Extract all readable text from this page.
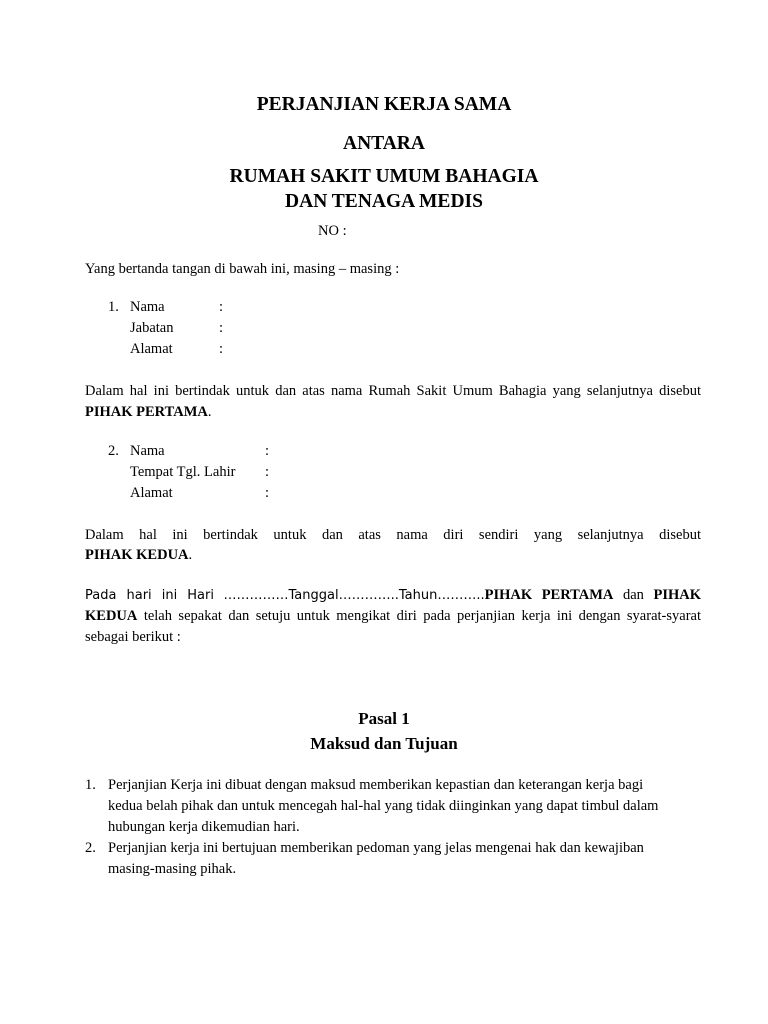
PERJANJIAN KERJA SAMA
ANTARA
RUMAH SAKIT UMUM BAHAGIA
DAN TENAGA MEDIS
NO :
Yang bertanda tangan di bawah ini, masing – masing :
1. Nama	:
Jabatan	:
Alamat	:
Dalam hal ini bertindak untuk dan atas nama Rumah Sakit Umum Bahagia yang selanjutnya disebut
PIHAK PERTAMA.
2. Nama	:
Tempat Tgl. Lahir :
Alamat	:
Dalam hal ini bertindak untuk dan atas nama diri sendiri yang selanjutnya disebut
PIHAK KEDUA.
Pada hari ini Hari ……………Tanggal…………..Tahun………..PIHAK PERTAMA dan PIHAK
KEDUA telah sepakat dan setuju untuk mengikat diri pada perjanjian kerja ini dengan syarat-syarat
sebagai berikut :
Pasal 1
Maksud dan Tujuan
1. Perjanjian Kerja ini dibuat dengan maksud memberikan kepastian dan keterangan kerja bagi
kedua belah pihak dan untuk mencegah hal-hal yang tidak diinginkan yang dapat timbul dalam
hubungan kerja dikemudian hari.
2. Perjanjian kerja ini bertujuan memberikan pedoman yang jelas mengenai hak dan kewajiban
masing-masing pihak.
